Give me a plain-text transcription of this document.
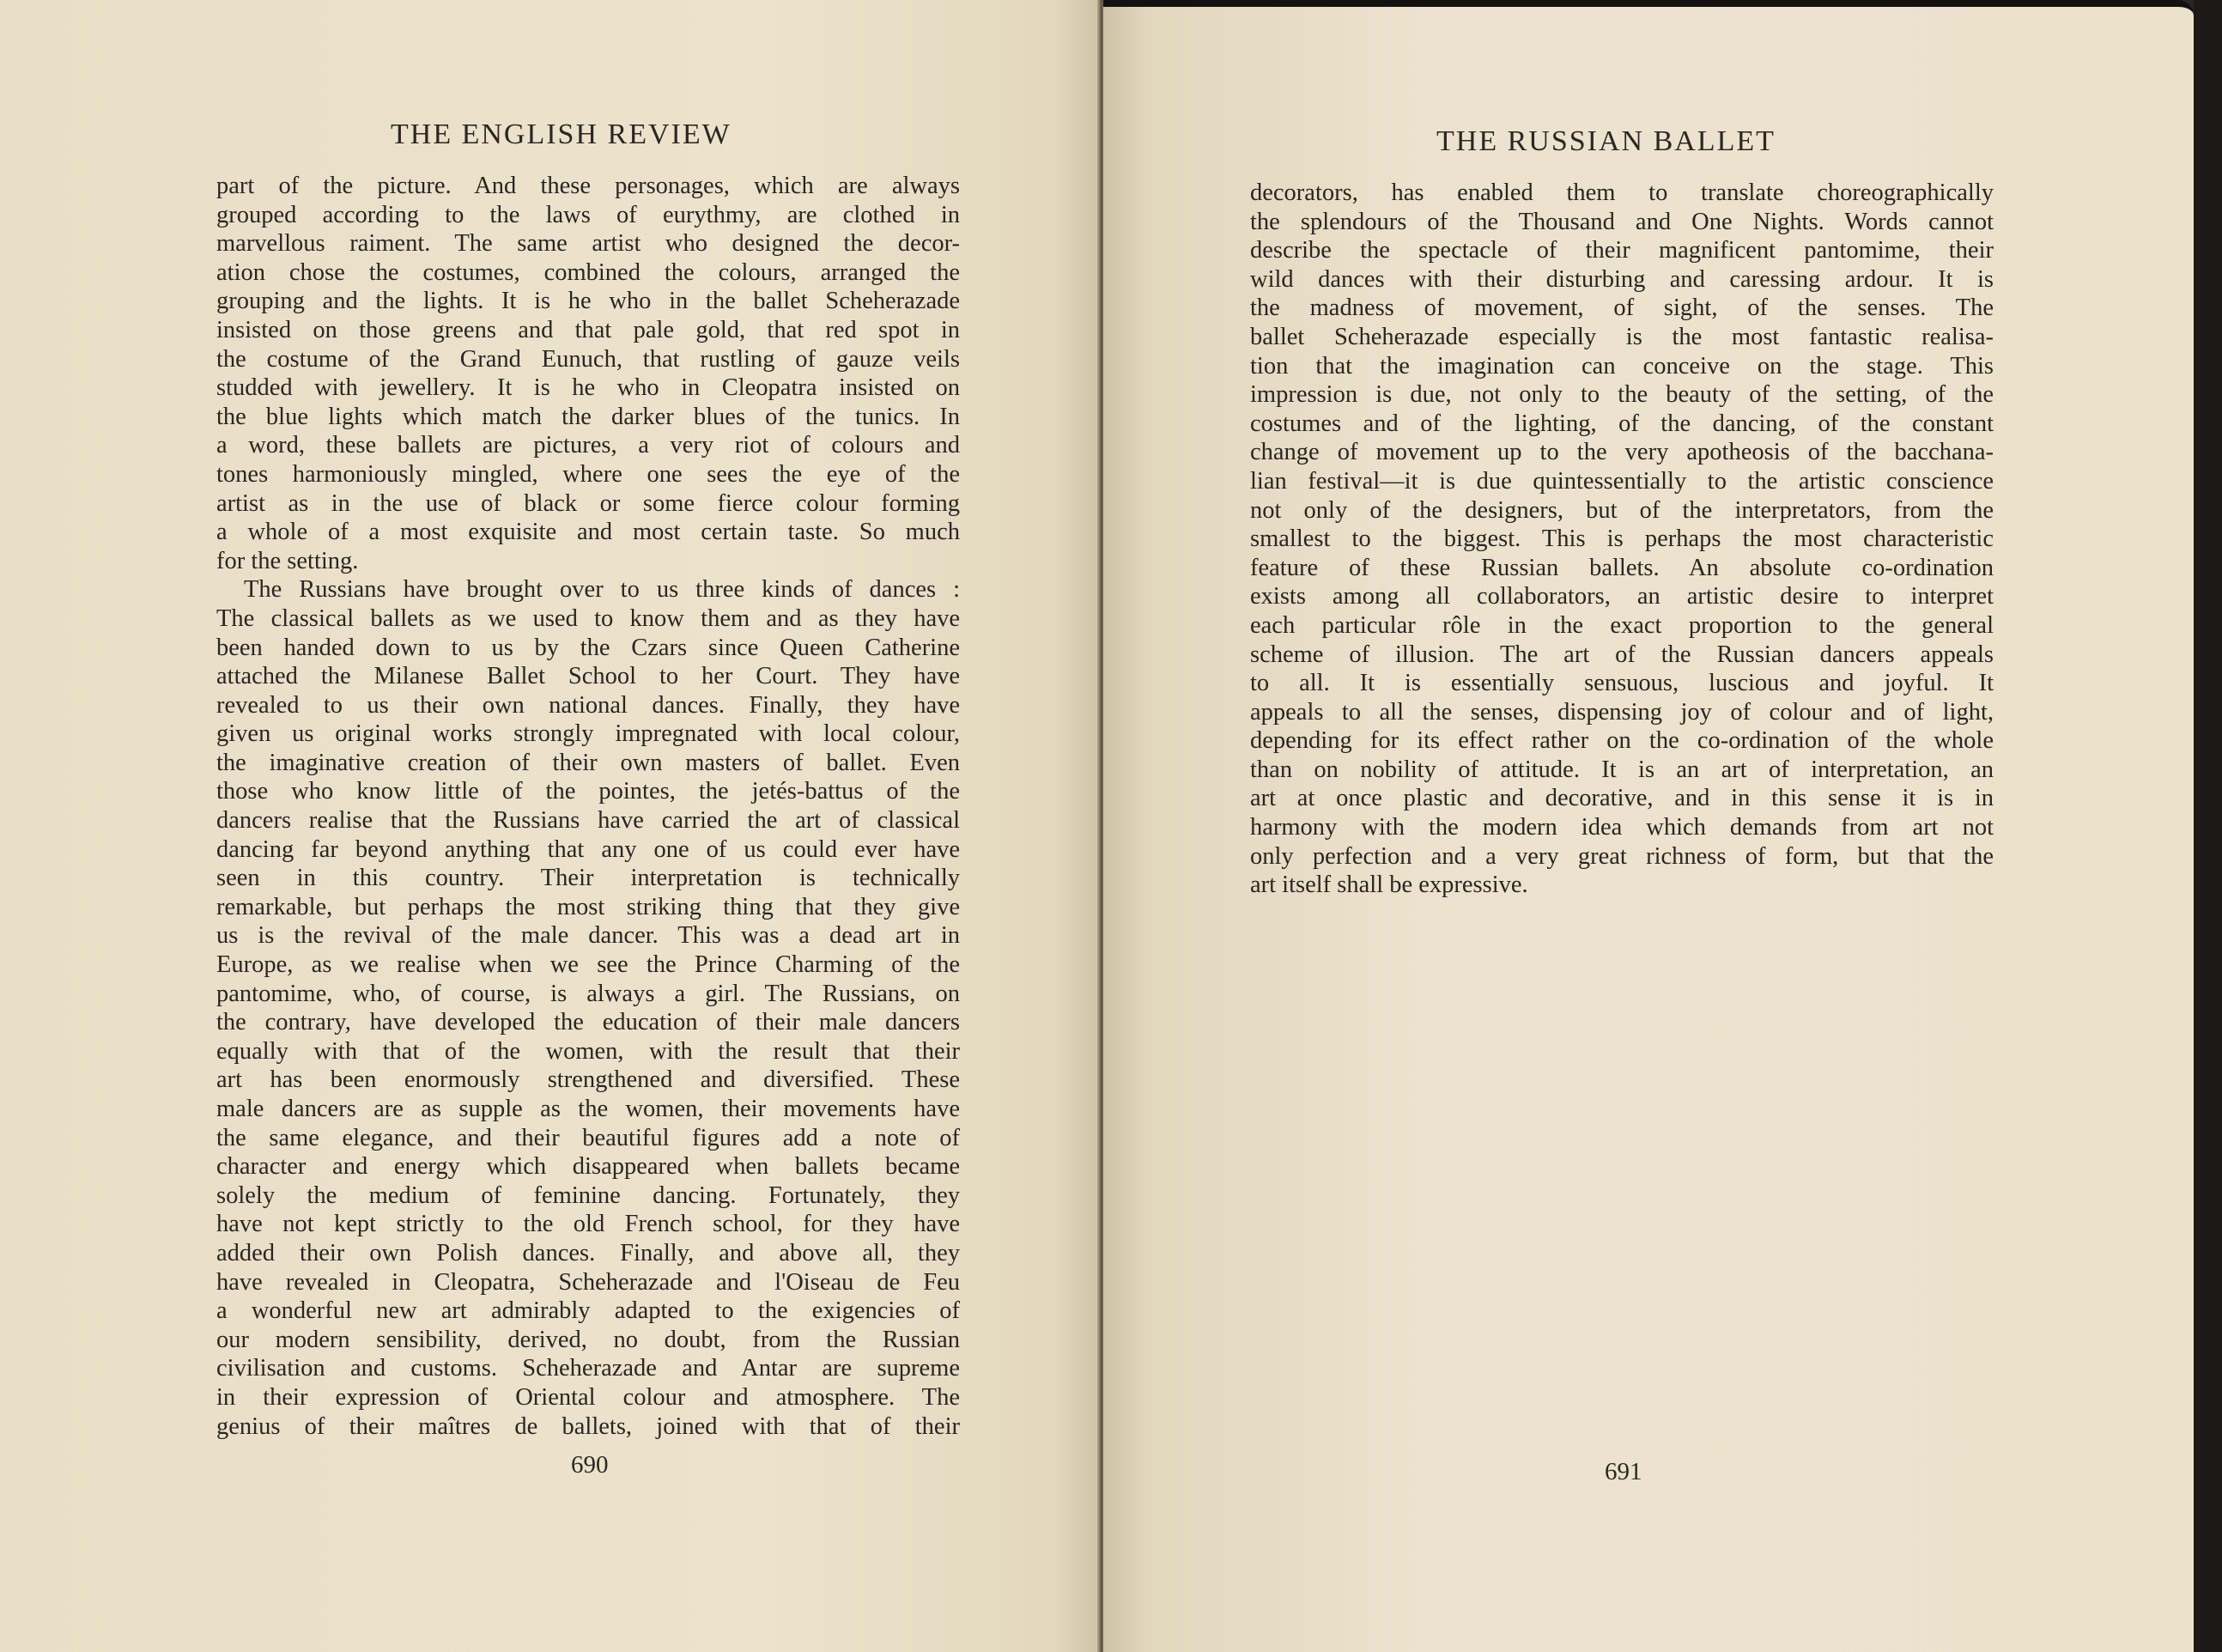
THE ENGLISH REVIEW
part of the picture. And these personages, which are always
grouped according to the laws of eurythmy, are clothed in
marvellous raiment. The same artist who designed the decor-
ation chose the costumes, combined the colours, arranged the
grouping and the lights. It is he who in the ballet Scheherazade
insisted on those greens and that pale gold, that red spot in
the costume of the Grand Eunuch, that rustling of gauze veils
studded with jewellery. It is he who in Cleopatra insisted on
the blue lights which match the darker blues of the tunics. In
a word, these ballets are pictures, a very riot of colours and
tones harmoniously mingled, where one sees the eye of the
artist as in the use of black or some fierce colour forming
a whole of a most exquisite and most certain taste. So much
for the setting.
The Russians have brought over to us three kinds of dances :
The classical ballets as we used to know them and as they have
been handed down to us by the Czars since Queen Catherine
attached the Milanese Ballet School to her Court. They have
revealed to us their own national dances. Finally, they have
given us original works strongly impregnated with local colour,
the imaginative creation of their own masters of ballet. Even
those who know little of the pointes, the jetés-battus of the
dancers realise that the Russians have carried the art of classical
dancing far beyond anything that any one of us could ever have
seen in this country. Their interpretation is technically
remarkable, but perhaps the most striking thing that they give
us is the revival of the male dancer. This was a dead art in
Europe, as we realise when we see the Prince Charming of the
pantomime, who, of course, is always a girl. The Russians, on
the contrary, have developed the education of their male dancers
equally with that of the women, with the result that their
art has been enormously strengthened and diversified. These
male dancers are as supple as the women, their movements have
the same elegance, and their beautiful figures add a note of
character and energy which disappeared when ballets became
solely the medium of feminine dancing. Fortunately, they
have not kept strictly to the old French school, for they have
added their own Polish dances. Finally, and above all, they
have revealed in Cleopatra, Scheherazade and l'Oiseau de Feu
a wonderful new art admirably adapted to the exigencies of
our modern sensibility, derived, no doubt, from the Russian
civilisation and customs. Scheherazade and Antar are supreme
in their expression of Oriental colour and atmosphere. The
genius of their maîtres de ballets, joined with that of their
690
THE RUSSIAN BALLET
decorators, has enabled them to translate choreographically
the splendours of the Thousand and One Nights. Words cannot
describe the spectacle of their magnificent pantomime, their
wild dances with their disturbing and caressing ardour. It is
the madness of movement, of sight, of the senses. The
ballet Scheherazade especially is the most fantastic realisa-
tion that the imagination can conceive on the stage. This
impression is due, not only to the beauty of the setting, of the
costumes and of the lighting, of the dancing, of the constant
change of movement up to the very apotheosis of the bacchana-
lian festival—it is due quintessentially to the artistic conscience
not only of the designers, but of the interpretators, from the
smallest to the biggest. This is perhaps the most characteristic
feature of these Russian ballets. An absolute co-ordination
exists among all collaborators, an artistic desire to interpret
each particular rôle in the exact proportion to the general
scheme of illusion. The art of the Russian dancers appeals
to all. It is essentially sensuous, luscious and joyful. It
appeals to all the senses, dispensing joy of colour and of light,
depending for its effect rather on the co-ordination of the whole
than on nobility of attitude. It is an art of interpretation, an
art at once plastic and decorative, and in this sense it is in
harmony with the modern idea which demands from art not
only perfection and a very great richness of form, but that the
art itself shall be expressive.
691
